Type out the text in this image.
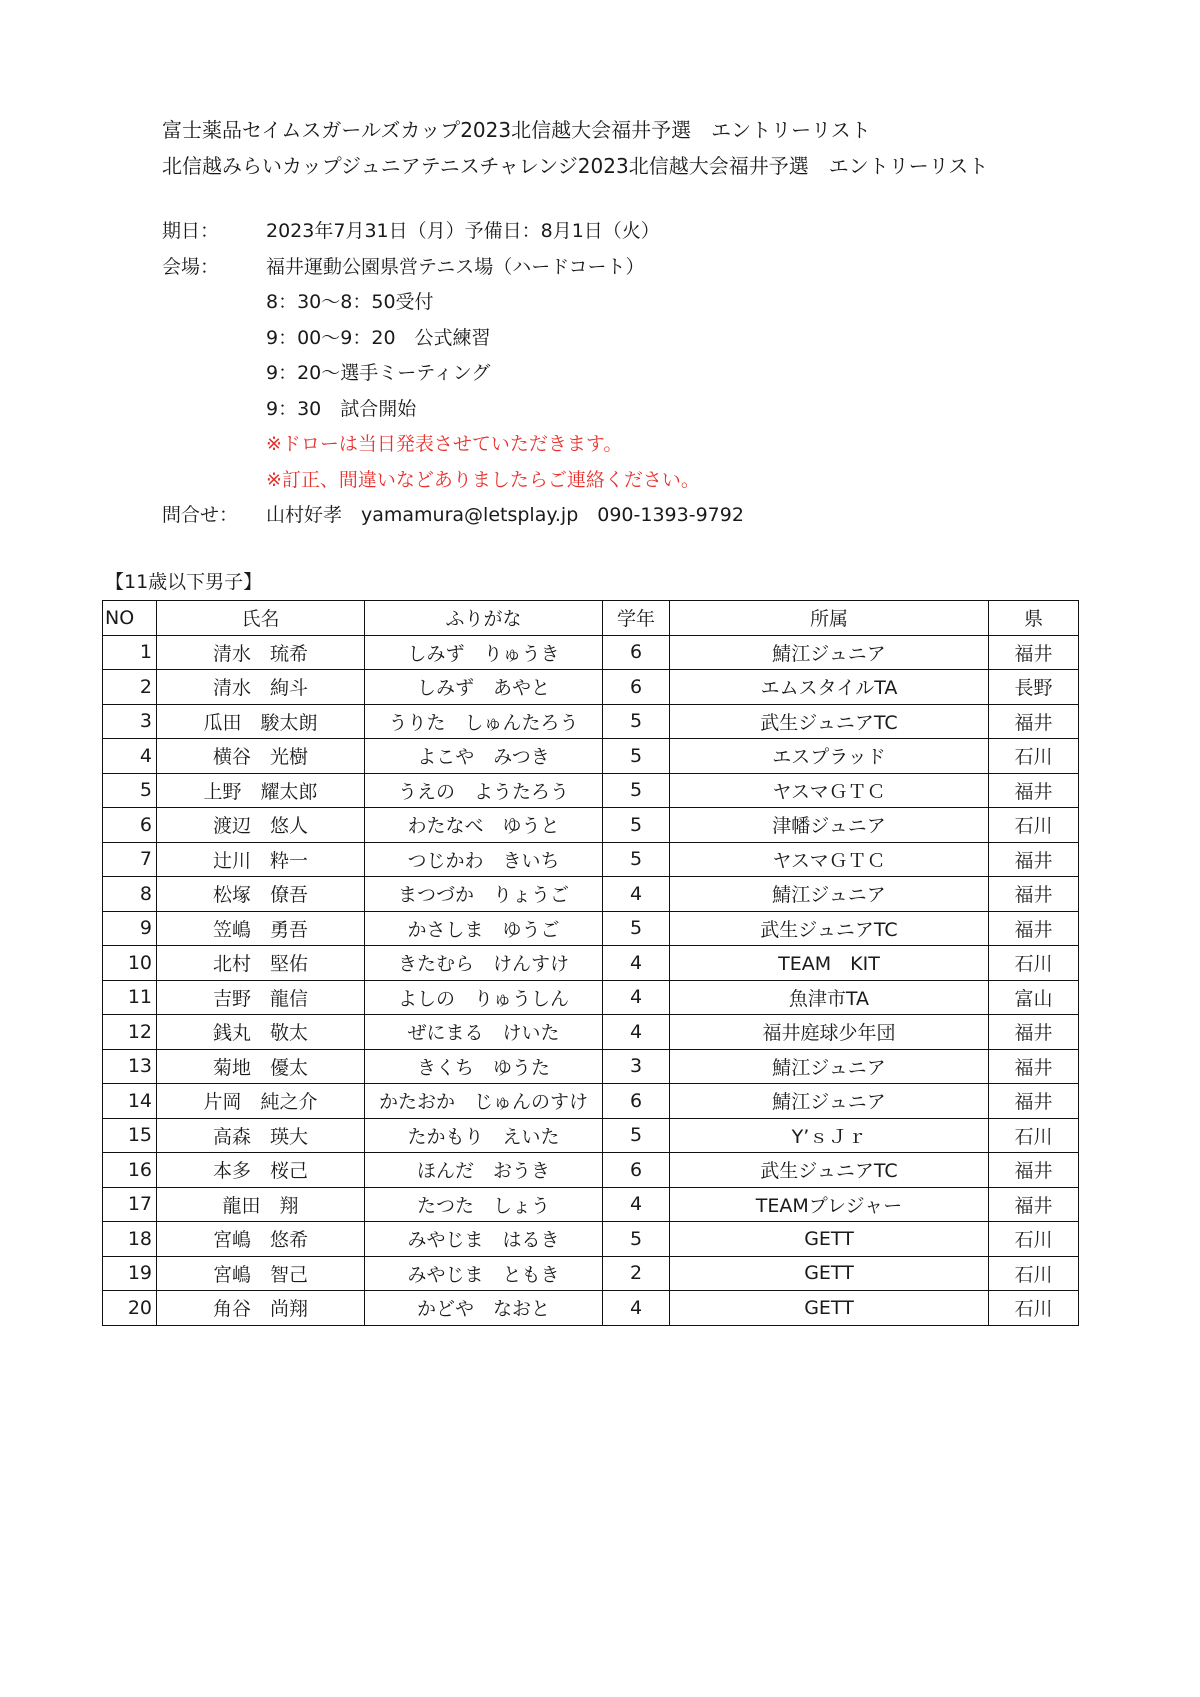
富士薬品セイムスガールズカップ2023北信越大会福井予選　エントリーリスト
北信越みらいカップジュニアテニスチャレンジ2023北信越大会福井予選　エントリーリスト
期日：	2023年7月31日（月）予備日：8月1日（火）
会場：	福井運動公園県営テニス場（ハードコート）
8：30〜8：50受付
9：00〜9：20　公式練習
9：20〜選手ミーティング
9：30　試合開始
※ドローは当日発表させていただきます。
※訂正、間違いなどありましたらご連絡ください。
問合せ：	山村好孝　yamamura@letsplay.jp　090-1393-9792
【11歳以下男子】
NO	氏名	ふりがな	学年	所属	県
1	清水　琉希	しみず　りゅうき	6	鯖江ジュニア	福井
2	清水　絢斗	しみず　あやと	6	エムスタイルTA	長野
3	瓜田　駿太朗	うりた　しゅんたろう	5	武生ジュニアTC	福井
4	横谷　光樹	よこや　みつき	5	エスプラッド	石川
5	上野　耀太郎	うえの　ようたろう	5	ヤスマＧＴＣ	福井
6	渡辺　悠人	わたなべ　ゆうと	5	津幡ジュニア	石川
7	辻川　粋一	つじかわ　きいち	5	ヤスマＧＴＣ	福井
8	松塚　僚吾	まつづか　りょうご	4	鯖江ジュニア	福井
9	笠嶋　勇吾	かさしま　ゆうご	5	武生ジュニアTC	福井
10	北村　堅佑	きたむら　けんすけ	4	TEAM　KIT	石川
11	吉野　龍信	よしの　りゅうしん	4	魚津市TA	富山
12	銭丸　敬太	ぜにまる　けいた	4	福井庭球少年団	福井
13	菊地　優太	きくち　ゆうた	3	鯖江ジュニア	福井
14	片岡　純之介	かたおか　じゅんのすけ	6	鯖江ジュニア	福井
15	高森　瑛大	たかもり　えいた	5	Y’ｓＪｒ	石川
16	本多　桜己	ほんだ　おうき	6	武生ジュニアTC	福井
17	龍田　翔	たつた　しょう	4	TEAMプレジャー	福井
18	宮嶋　悠希	みやじま　はるき	5	GETT	石川
19	宮嶋　智己	みやじま　ともき	2	GETT	石川
20	角谷　尚翔	かどや　なおと	4	GETT	石川
